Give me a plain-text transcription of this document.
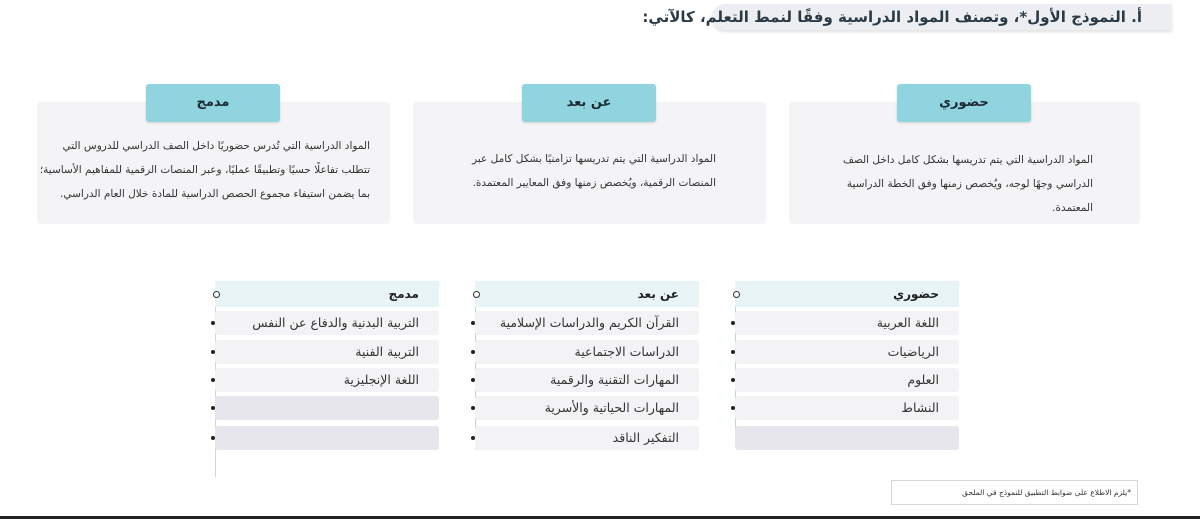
أ. النموذج الأول*، وتصنف المواد الدراسية وفقًا لنمط التعلم، كالآتي:
المواد الدراسية التي يتم تدريسها بشكل كامل داخل الصف
الدراسي وجهًا لوجه، ويُخصص زمنها وفق الخطة الدراسية
المعتمدة.
حضوري
المواد الدراسية التي يتم تدريسها تزامنيًا بشكل كامل عبر
المنصات الرقمية، ويُخصص زمنها وفق المعايير المعتمدة.
عن بعد
المواد الدراسية التي تُدرس حضوريًا داخل الصف الدراسي للدروس التي
تتطلب تفاعلًا حسيًا وتطبيقًا عمليًا، وعبر المنصات الرقمية للمفاهيم الأساسية؛
بما يضمن استيفاء مجموع الحصص الدراسية للمادة خلال العام الدراسي.
مدمج
حضوري
اللغة العربية
الرياضيات
العلوم
النشاط
عن بعد
القرآن الكريم والدراسات الإسلامية
الدراسات الاجتماعية
المهارات التقنية والرقمية
المهارات الحياتية والأسرية
التفكير الناقد
مدمج
التربية البدنية والدفاع عن النفس
التربية الفنية
اللغة الإنجليزية
*يلزم الاطلاع على ضوابط التطبيق للنموذج في الملحق
